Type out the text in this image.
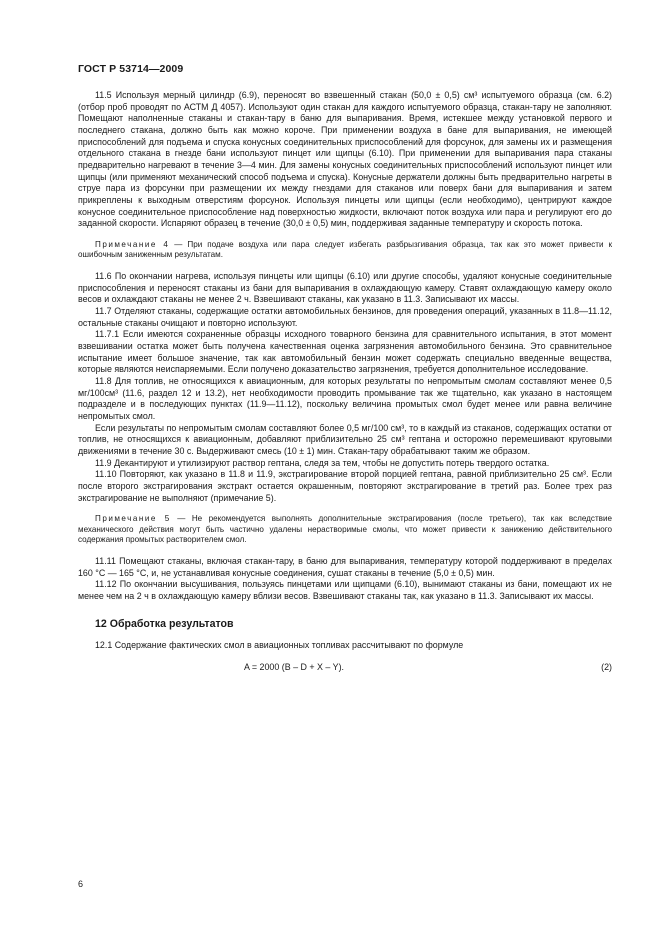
ГОСТ Р 53714—2009

11.5 Используя мерный цилиндр (6.9), переносят во взвешенный стакан (50,0 ± 0,5) см³ испытуемого образца (см. 6.2) (отбор проб проводят по АСТМ Д 4057). Используют один стакан для каждого испытуемого образца, стакан-тару не заполняют. Помещают наполненные стаканы и стакан-тару в баню для выпаривания. Время, истекшее между установкой первого и последнего стакана, должно быть как можно короче. При применении воздуха в бане для выпаривания, не имеющей приспособлений для подъема и спуска конусных соединительных приспособлений для форсунок, для замены их и размещения отдельного стакана в гнезде бани используют пинцет или щипцы (6.10). При применении для выпаривания пара стаканы предварительно нагревают в течение 3—4 мин. Для замены конусных соединительных приспособлений используют пинцет или щипцы (или применяют механический способ подъема и спуска). Конусные держатели должны быть предварительно нагреты в струе пара из форсунки при размещении их между гнездами для стаканов или поверх бани для выпаривания и затем прикреплены к выходным отверстиям форсунок. Используя пинцеты или щипцы (если необходимо), центрируют каждое конусное соединительное приспособление над поверхностью жидкости, включают поток воздуха или пара и регулируют его до заданной скорости. Испаряют образец в течение (30,0 ± 0,5) мин, поддерживая заданные температуру и скорость потока.

Примечание 4 — При подаче воздуха или пара следует избегать разбрызгивания образца, так как это может привести к ошибочным заниженным результатам.

11.6 По окончании нагрева, используя пинцеты или щипцы (6.10) или другие способы, удаляют конусные соединительные приспособления и переносят стаканы из бани для выпаривания в охлаждающую камеру. Ставят охлаждающую камеру около весов и охлаждают стаканы не менее 2 ч. Взвешивают стаканы, как указано в 11.3. Записывают их массы.

11.7 Отделяют стаканы, содержащие остатки автомобильных бензинов, для проведения операций, указанных в 11.8—11.12, остальные стаканы очищают и повторно используют.

11.7.1 Если имеются сохраненные образцы исходного товарного бензина для сравнительного испытания, в этот момент взвешивании остатка может быть получена качественная оценка загрязнения автомобильного бензина. Это сравнительное испытание имеет большое значение, так как автомобильный бензин может содержать специально введенные вещества, которые являются неиспаряемыми. Если получено доказательство загрязнения, требуется дополнительное исследование.

11.8 Для топлив, не относящихся к авиационным, для которых результаты по непромытым смолам составляют менее 0,5 мг/100см³ (11.6, раздел 12 и 13.2), нет необходимости проводить промывание так же тщательно, как указано в настоящем подразделе и в последующих пунктах (11.9—11.12), поскольку величина промытых смол будет менее или равна величине непромытых смол.

Если результаты по непромытым смолам составляют более 0,5 мг/100 см³, то в каждый из стаканов, содержащих остатки от топлив, не относящихся к авиационным, добавляют приблизительно 25 см³ гептана и осторожно перемешивают круговыми движениями в течение 30 с. Выдерживают смесь (10 ± 1) мин. Стакан-тару обрабатывают таким же образом.

11.9 Декантируют и утилизируют раствор гептана, следя за тем, чтобы не допустить потерь твердого остатка.

11.10 Повторяют, как указано в 11.8 и 11.9, экстрагирование второй порцией гептана, равной приблизительно 25 см³. Если после второго экстрагирования экстракт остается окрашенным, повторяют экстрагирование в третий раз. Более трех раз экстрагирование не выполняют (примечание 5).

Примечание 5 — Не рекомендуется выполнять дополнительные экстрагирования (после третьего), так как вследствие механического действия могут быть частично удалены нерастворимые смолы, что может привести к занижению действительного содержания промытых растворителем смол.

11.11 Помещают стаканы, включая стакан-тару, в баню для выпаривания, температуру которой поддерживают в пределах 160 °С — 165 °С, и, не устанавливая конусные соединения, сушат стаканы в течение (5,0 ± 0,5) мин.

11.12 По окончании высушивания, пользуясь пинцетами или щипцами (6.10), вынимают стаканы из бани, помещают их не менее чем на 2 ч в охлаждающую камеру вблизи весов. Взвешивают стаканы так, как указано в 11.3. Записывают их массы.

12 Обработка результатов

12.1 Содержание фактических смол в авиационных топливах рассчитывают по формуле

A = 2000 (B – D + X – Y).	(2)
6
